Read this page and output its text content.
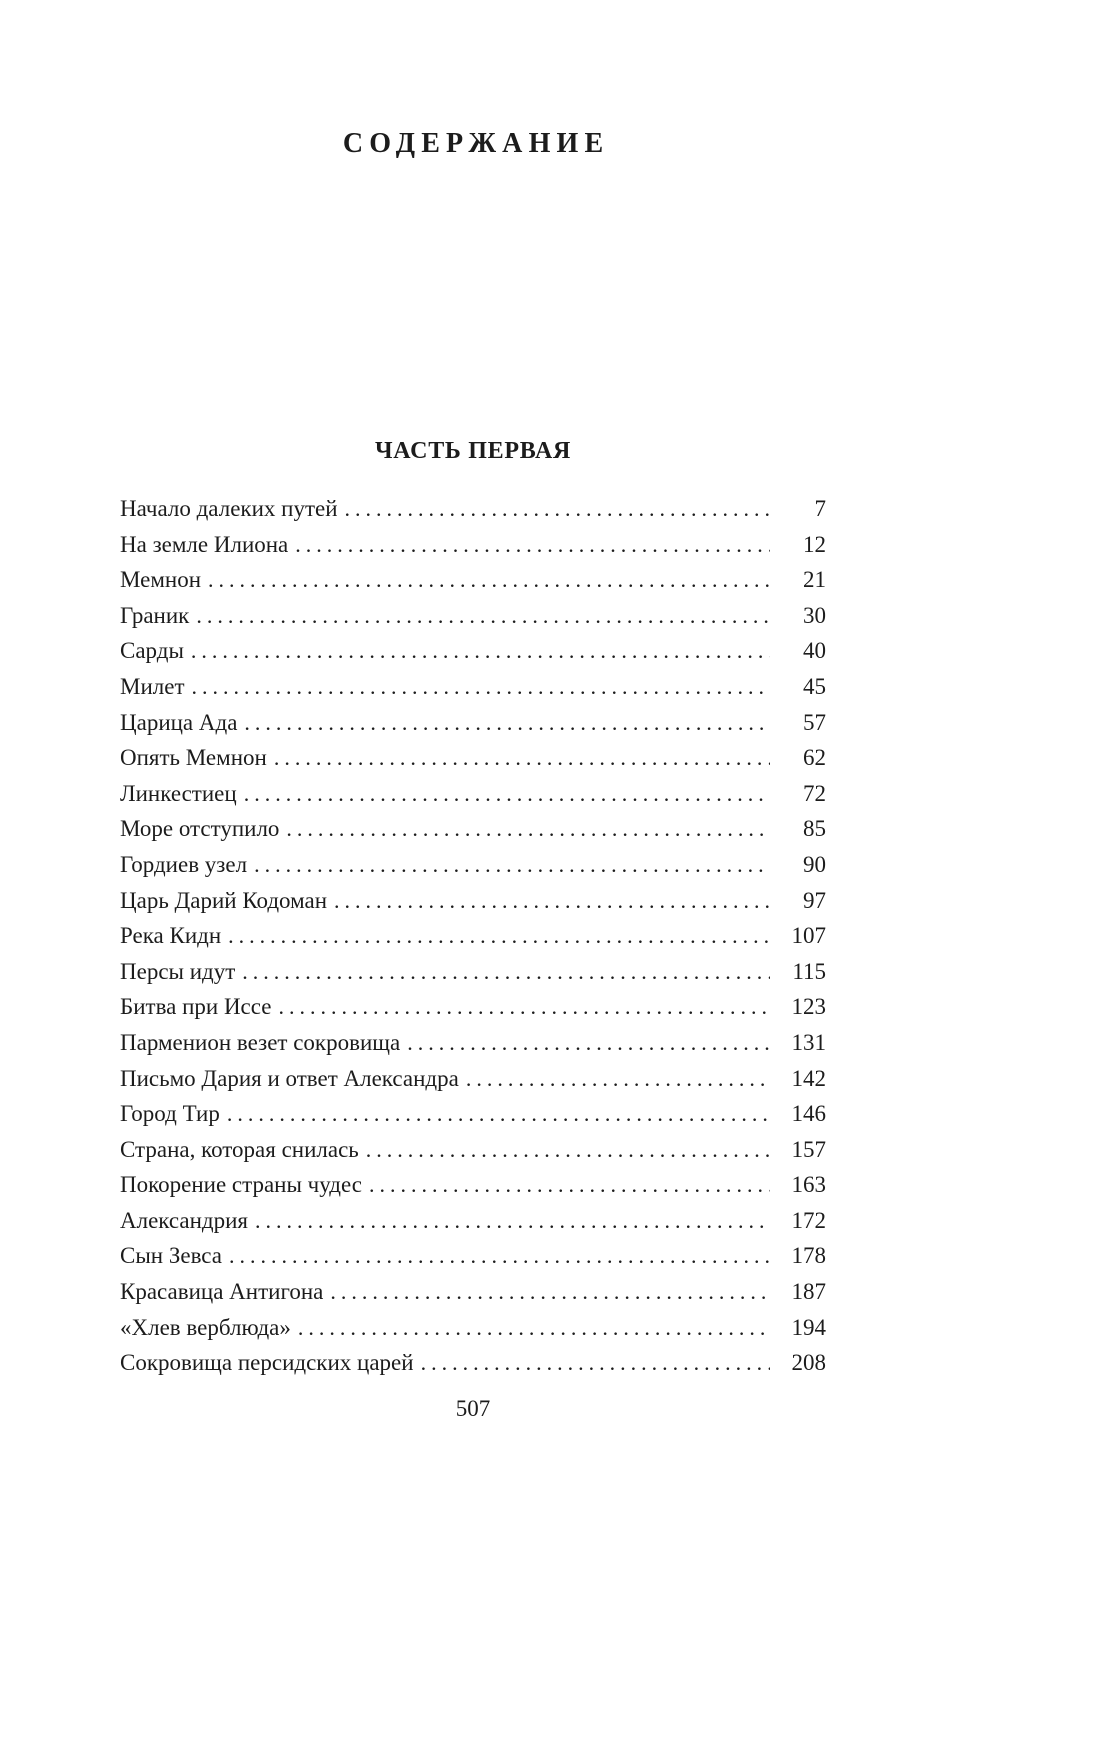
СОДЕРЖАНИЕ
ЧАСТЬ ПЕРВАЯ
Начало далеких путей .....	7
На земле Илиона .....	12
Мемнон .....	21
Граник .....	30
Сарды .....	40
Милет .....	45
Царица Ада .....	57
Опять Мемнон .....	62
Линкестиец .....	72
Море отступило .....	85
Гордиев узел .....	90
Царь Дарий Кодоман .....	97
Река Кидн .....	107
Персы идут .....	115
Битва при Иссе .....	123
Парменион везет сокровища .....	131
Письмо Дария и ответ Александра .....	142
Город Тир .....	146
Страна, которая снилась .....	157
Покорение страны чудес .....	163
Александрия .....	172
Сын Зевса .....	178
Красавица Антигона .....	187
«Хлев верблюда» .....	194
Сокровища персидских царей .....	208
507
